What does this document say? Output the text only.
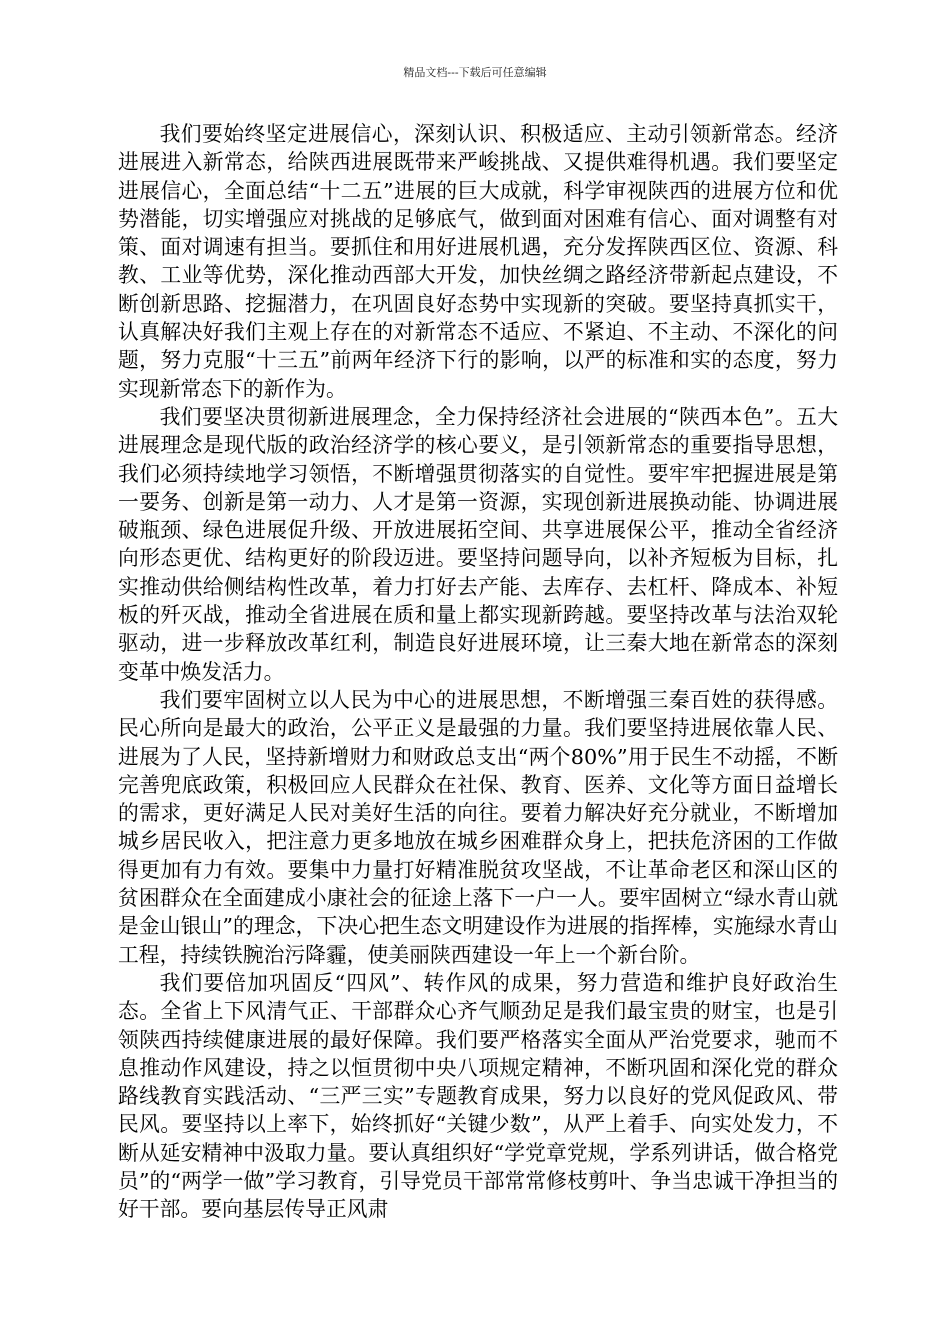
精品文档---下载后可任意编辑

我们要始终坚定进展信心，深刻认识、积极适应、主动引领新常态。经济进展进入新常态，给陕西进展既带来严峻挑战、又提供难得机遇。我们要坚定进展信心，全面总结“十二五”进展的巨大成就，科学审视陕西的进展方位和优势潜能，切实增强应对挑战的足够底气，做到面对困难有信心、面对调整有对策、面对调速有担当。要抓住和用好进展机遇，充分发挥陕西区位、资源、科教、工业等优势，深化推动西部大开发，加快丝绸之路经济带新起点建设，不断创新思路、挖掘潜力，在巩固良好态势中实现新的突破。要坚持真抓实干，认真解决好我们主观上存在的对新常态不适应、不紧迫、不主动、不深化的问题，努力克服“十三五”前两年经济下行的影响，以严的标准和实的态度，努力实现新常态下的新作为。

我们要坚决贯彻新进展理念，全力保持经济社会进展的“陕西本色”。五大进展理念是现代版的政治经济学的核心要义，是引领新常态的重要指导思想，我们必须持续地学习领悟，不断增强贯彻落实的自觉性。要牢牢把握进展是第一要务、创新是第一动力、人才是第一资源，实现创新进展换动能、协调进展破瓶颈、绿色进展促升级、开放进展拓空间、共享进展保公平，推动全省经济向形态更优、结构更好的阶段迈进。要坚持问题导向，以补齐短板为目标，扎实推动供给侧结构性改革，着力打好去产能、去库存、去杠杆、降成本、补短板的歼灭战，推动全省进展在质和量上都实现新跨越。要坚持改革与法治双轮驱动，进一步释放改革红利，制造良好进展环境，让三秦大地在新常态的深刻变革中焕发活力。

我们要牢固树立以人民为中心的进展思想，不断增强三秦百姓的获得感。民心所向是最大的政治，公平正义是最强的力量。我们要坚持进展依靠人民、进展为了人民，坚持新增财力和财政总支出“两个80%”用于民生不动摇，不断完善兜底政策，积极回应人民群众在社保、教育、医养、文化等方面日益增长的需求，更好满足人民对美好生活的向往。要着力解决好充分就业，不断增加城乡居民收入，把注意力更多地放在城乡困难群众身上，把扶危济困的工作做得更加有力有效。要集中力量打好精准脱贫攻坚战，不让革命老区和深山区的贫困群众在全面建成小康社会的征途上落下一户一人。要牢固树立“绿水青山就是金山银山”的理念，下决心把生态文明建设作为进展的指挥棒，实施绿水青山工程，持续铁腕治污降霾，使美丽陕西建设一年上一个新台阶。

我们要倍加巩固反“四风”、转作风的成果，努力营造和维护良好政治生态。全省上下风清气正、干部群众心齐气顺劲足是我们最宝贵的财宝，也是引领陕西持续健康进展的最好保障。我们要严格落实全面从严治党要求，驰而不息推动作风建设，持之以恒贯彻中央八项规定精神，不断巩固和深化党的群众路线教育实践活动、“三严三实”专题教育成果，努力以良好的党风促政风、带民风。要坚持以上率下，始终抓好“关键少数”，从严上着手、向实处发力，不断从延安精神中汲取力量。要认真组织好“学党章党规，学系列讲话，做合格党员”的“两学一做”学习教育，引导党员干部常常修枝剪叶、争当忠诚干净担当的好干部。要向基层传导正风肃
